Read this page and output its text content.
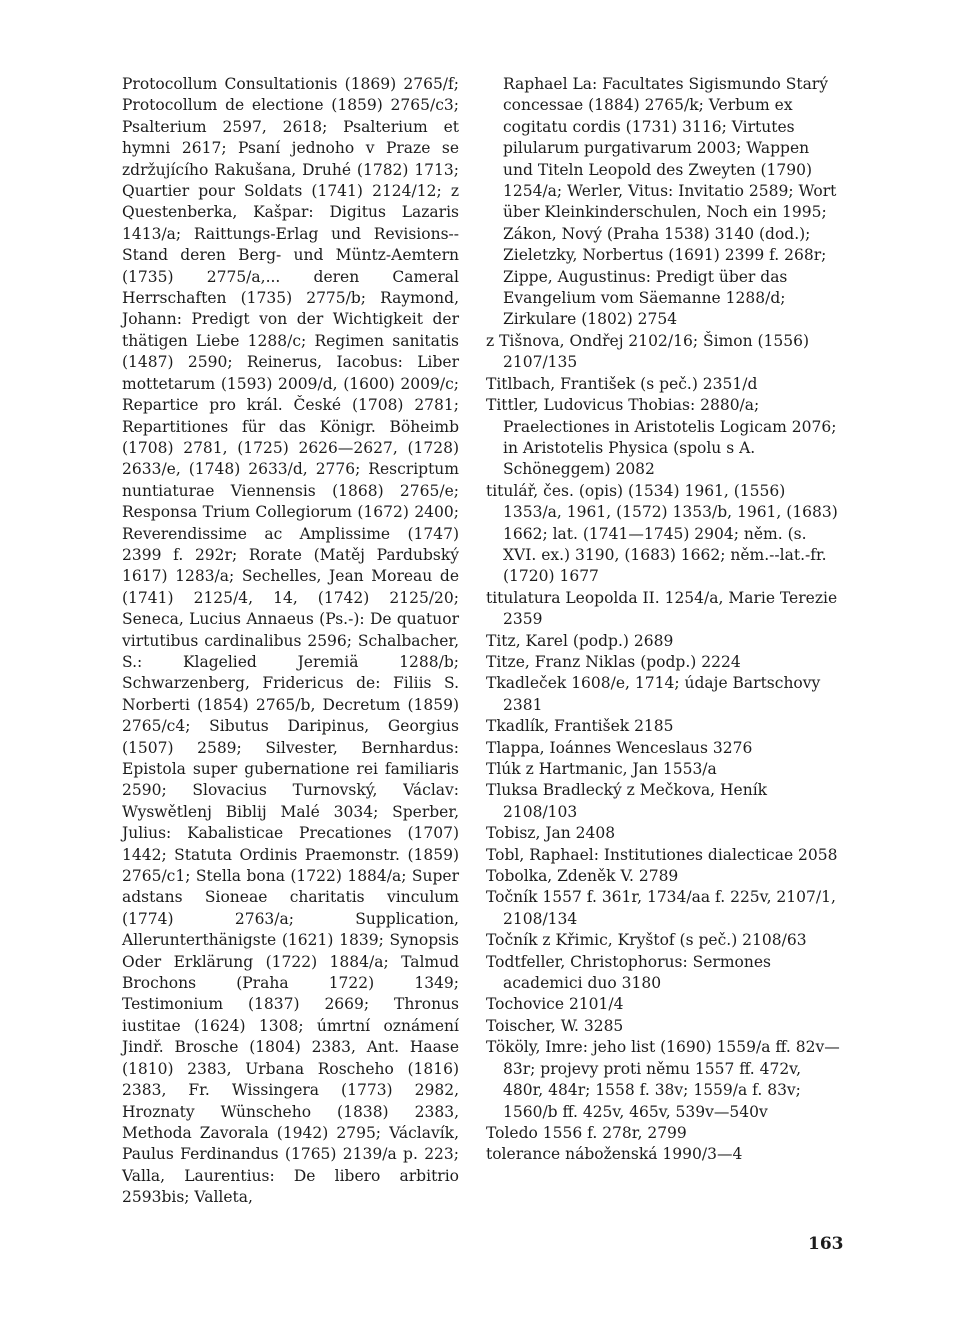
Protocollum Consultationis (1869) 2765/f; Protocollum de electione (1859) 2765/c3; Psalterium 2597, 2618; Psalterium et hymni 2617; Psaní jednoho v Praze se zdržujícího Rakušana, Druhé (1782) 1713; Quartier pour Soldats (1741) 2124/12; z Questenberka, Kašpar: Digitus Lazaris 1413/a; Raittungs-Erlag und Revisions--Stand deren Berg- und Müntz-Aemtern (1735) 2775/a,... deren Cameral Herrschaften (1735) 2775/b; Raymond, Johann: Predigt von der Wichtigkeit der thätigen Liebe 1288/c; Regimen sanitatis (1487) 2590; Reinerus, Iacobus: Liber mottetarum (1593) 2009/d, (1600) 2009/c; Repartice pro král. České (1708) 2781; Repartitiones für das Königr. Böheimb (1708) 2781, (1725) 2626—2627, (1728) 2633/e, (1748) 2633/d, 2776; Rescriptum nuntiaturae Viennensis (1868) 2765/e; Responsa Trium Collegiorum (1672) 2400; Reverendissime ac Amplissime (1747) 2399 f. 292r; Rorate (Matěj Pardubský 1617) 1283/a; Sechelles, Jean Moreau de (1741) 2125/4, 14, (1742) 2125/20; Seneca, Lucius Annaeus (Ps.-): De quatuor virtutibus cardinalibus 2596; Schalbacher, S.: Klagelied Jeremiä 1288/b; Schwarzenberg, Fridericus de: Filiis S. Norberti (1854) 2765/b, Decretum (1859) 2765/c4; Sibutus Daripinus, Georgius (1507) 2589; Silvester, Bernhardus: Epistola super gubernatione rei familiaris 2590; Slovacius Turnovský, Václav: Wyswětlenj Biblij Malé 3034; Sperber, Julius: Kabalisticae Precationes (1707) 1442; Statuta Ordinis Praemonstr. (1859) 2765/c1; Stella bona (1722) 1884/a; Super adstans Sioneae charitatis vinculum (1774) 2763/a; Supplication, Allerunterthänigste (1621) 1839; Synopsis Oder Erklärung (1722) 1884/a; Talmud Brochons (Praha 1722) 1349; Testimonium (1837) 2669; Thronus iustitae (1624) 1308; úmrtní oznámení Jindř. Brosche (1804) 2383, Ant. Haase (1810) 2383, Urbana Roscheho (1816) 2383, Fr. Wissingera (1773) 2982, Hroznaty Wünscheho (1838) 2383, Methoda Zavorala (1942) 2795; Václavík, Paulus Ferdinandus (1765) 2139/a p. 223; Valla, Laurentius: De libero arbitrio 2593bis; Valleta,

Raphael La: Facultates Sigismundo Starý concessae (1884) 2765/k; Verbum ex cogitatu cordis (1731) 3116; Virtutes pilularum purgativarum 2003; Wappen und Titeln Leopold des Zweyten (1790) 1254/a; Werler, Vitus: Invitatio 2589; Wort über Kleinkinderschulen, Noch ein 1995; Zákon, Nový (Praha 1538) 3140 (dod.); Zieletzky, Norbertus (1691) 2399 f. 268r; Zippe, Augustinus: Predigt über das Evangelium vom Säemanne 1288/d; Zirkulare (1802) 2754

z Tišnova, Ondřej 2102/16; Šimon (1556) 2107/135

Titlbach, František (s peč.) 2351/d

Tittler, Ludovicus Thobias: 2880/a; Praelectiones in Aristotelis Logicam 2076; in Aristotelis Physica (spolu s A. Schöneggem) 2082

titulář, čes. (opis) (1534) 1961, (1556) 1353/a, 1961, (1572) 1353/b, 1961, (1683) 1662; lat. (1741—1745) 2904; něm. (s. XVI. ex.) 3190, (1683) 1662; něm.--lat.-fr. (1720) 1677

titulatura Leopolda II. 1254/a, Marie Terezie 2359

Titz, Karel (podp.) 2689

Titze, Franz Niklas (podp.) 2224

Tkadleček 1608/e, 1714; údaje Bartschovy 2381

Tkadlík, František 2185

Tlappa, Ioánnes Wenceslaus 3276

Tlúk z Hartmanic, Jan 1553/a

Tluksa Bradlecký z Mečkova, Heník 2108/103

Tobisz, Jan 2408

Tobl, Raphael: Institutiones dialecticae 2058

Tobolka, Zdeněk V. 2789

Točník 1557 f. 361r, 1734/aa f. 225v, 2107/1, 2108/134

Točník z Křimic, Kryštof (s peč.) 2108/63

Todtfeller, Christophorus: Sermones academici duo 3180

Tochovice 2101/4

Toischer, W. 3285

Tököly, Imre: jeho list (1690) 1559/a ff. 82v—83r; projevy proti němu 1557 ff. 472v, 480r, 484r; 1558 f. 38v; 1559/a f. 83v; 1560/b ff. 425v, 465v, 539v—540v

Toledo 1556 f. 278r, 2799

tolerance náboženská 1990/3—4

163
